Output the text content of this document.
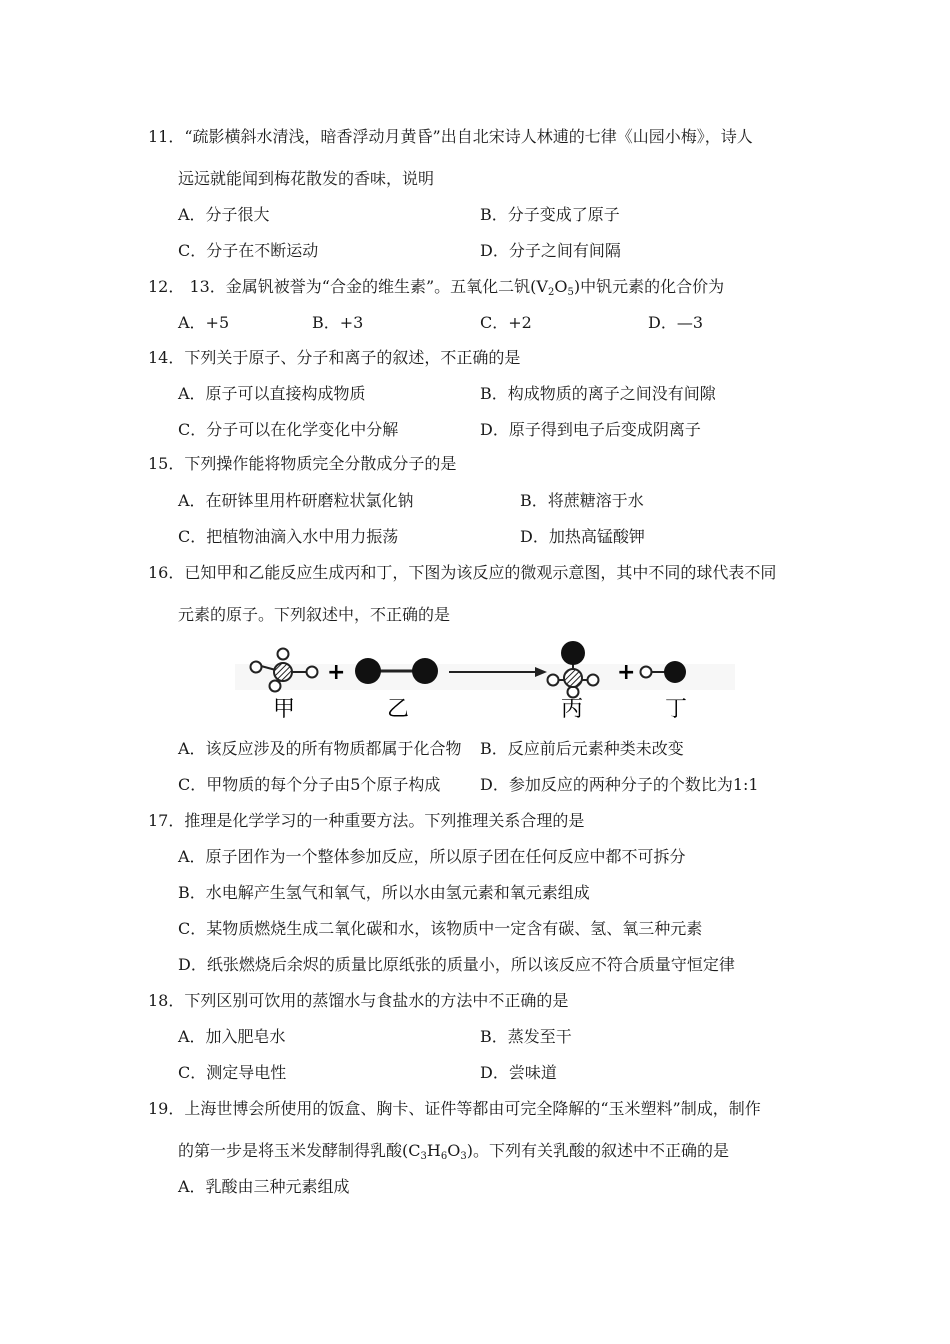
11．“疏影横斜水清浅，暗香浮动月黄昏”出自北宋诗人林逋的七律《山园小梅》，诗人
远远就能闻到梅花散发的香味，说明
A．分子很大	B．分子变成了原子
C．分子在不断运动	D．分子之间有间隔
12． 13．金属钒被誉为“合金的维生素”。五氧化二钒$(V_2O_5)$中钒元素的化合价为
A．+5	B．+3	C．+2	D．—3
14．下列关于原子、分子和离子的叙述，不正确的是
A．原子可以直接构成物质	B．构成物质的离子之间没有间隙
C．分子可以在化学变化中分解	D．原子得到电子后变成阴离子
15．下列操作能将物质完全分散成分子的是
A．在研钵里用杵研磨粒状氯化钠	B．将蔗糖溶于水
C．把植物油滴入水中用力振荡	D．加热高锰酸钾
16．已知甲和乙能反应生成丙和丁，下图为该反应的微观示意图，其中不同的球代表不同
元素的原子。下列叙述中，不正确的是
+	+
甲	乙	丙	丁
A．该反应涉及的所有物质都属于化合物 B．反应前后元素种类未改变
C．甲物质的每个分子由5个原子构成 D．参加反应的两种分子的个数比为1:1
17．推理是化学学习的一种重要方法。下列推理关系合理的是
A．原子团作为一个整体参加反应，所以原子团在任何反应中都不可拆分
B．水电解产生氢气和氧气，所以水由氢元素和氧元素组成
C．某物质燃烧生成二氧化碳和水，该物质中一定含有碳、氢、氧三种元素
D．纸张燃烧后余烬的质量比原纸张的质量小，所以该反应不符合质量守恒定律
18．下列区别可饮用的蒸馏水与食盐水的方法中不正确的是
A．加入肥皂水	B．蒸发至干
C．测定导电性	D．尝味道
19．上海世博会所使用的饭盒、胸卡、证件等都由可完全降解的“玉米塑料”制成，制作
的第一步是将玉米发酵制得乳酸$(C_3H_6O_3)$。下列有关乳酸的叙述中不正确的是
A．乳酸由三种元素组成
